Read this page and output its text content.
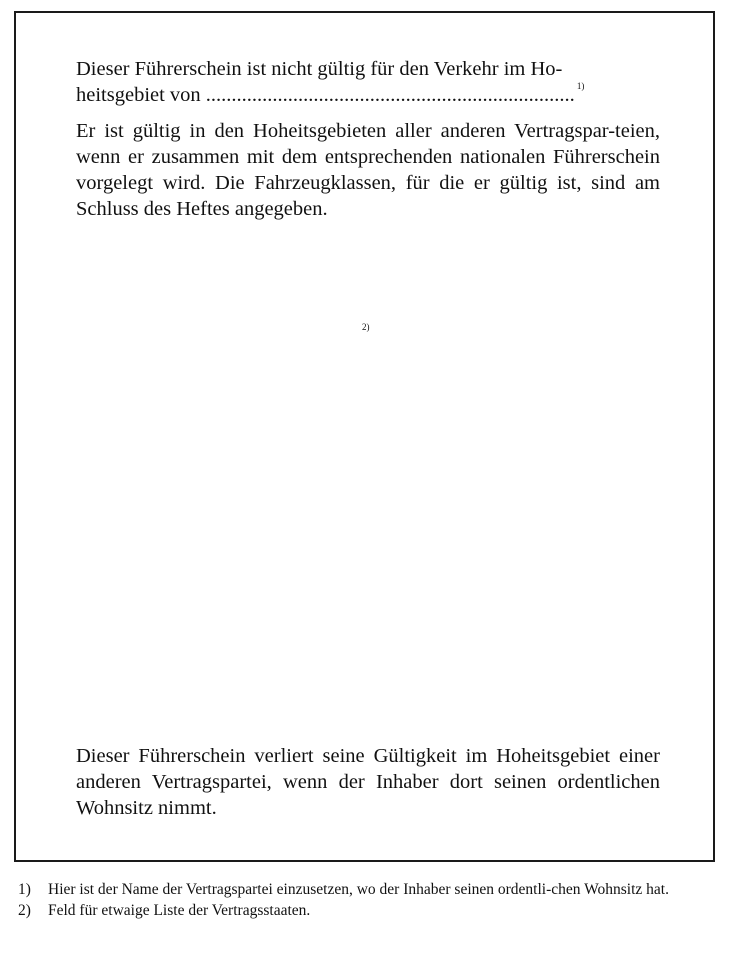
Dieser Führerschein ist nicht gültig für den Verkehr im Ho-
heitsgebiet von ........................................................................ $^{1)}$

Er ist gültig in den Hoheitsgebieten aller anderen Vertragspar-teien, wenn er zusammen mit dem entsprechenden nationalen Führerschein vorgelegt wird. Die Fahrzeugklassen, für die er gültig ist, sind am Schluss des Heftes angegeben.

2)

Dieser Führerschein verliert seine Gültigkeit im Hoheitsgebiet einer anderen Vertragspartei, wenn der Inhaber dort seinen ordentlichen Wohnsitz nimmt.

1) Hier ist der Name der Vertragspartei einzusetzen, wo der Inhaber seinen ordentli-chen Wohnsitz hat.
2) Feld für etwaige Liste der Vertragsstaaten.
